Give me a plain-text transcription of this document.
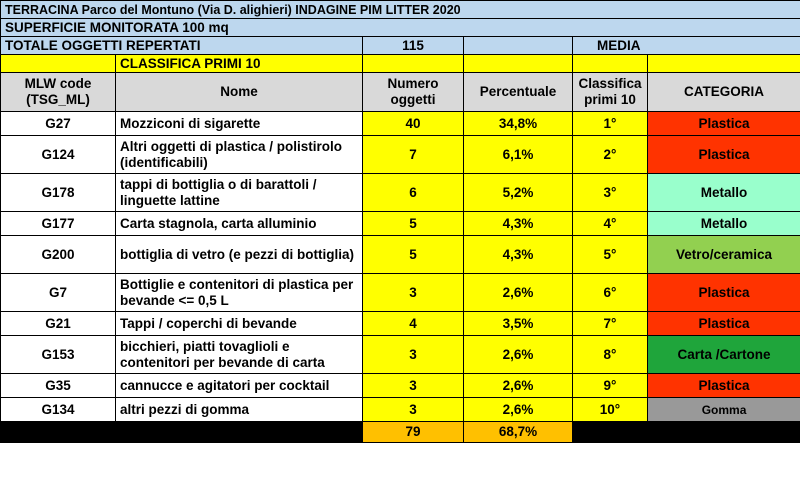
TERRACINA Parco del Montuno (Via D. alighieri) INDAGINE PIM LITTER 2020					
SUPERFICIE MONITORATA 100 mq					
TOTALE OGGETTI REPERTATI		115		MEDIA	
	CLASSIFICA PRIMI 10				
MLW code (TSG_ML)	Nome	Numero oggetti	Percentuale	Classifica primi 10	CATEGORIA
G27	Mozziconi di sigarette	40	34,8%	1°	Plastica
G124	Altri oggetti di plastica / polistirolo (identificabili)	7	6,1%	2°	Plastica
G178	tappi di bottiglia o di barattoli / linguette lattine	6	5,2%	3°	Metallo
G177	Carta stagnola, carta alluminio	5	4,3%	4°	Metallo
G200	bottiglia di vetro (e pezzi di bottiglia)	5	4,3%	5°	Vetro/ceramica
G7	Bottiglie e contenitori di plastica per bevande <= 0,5 L	3	2,6%	6°	Plastica
G21	Tappi / coperchi di bevande	4	3,5%	7°	Plastica
G153	bicchieri, piatti tovaglioli e contenitori per bevande di carta	3	2,6%	8°	Carta /Cartone
G35	cannucce e agitatori per cocktail	3	2,6%	9°	Plastica
G134	altri pezzi di gomma	3	2,6%	10°	Gomma
		79	68,7%		
